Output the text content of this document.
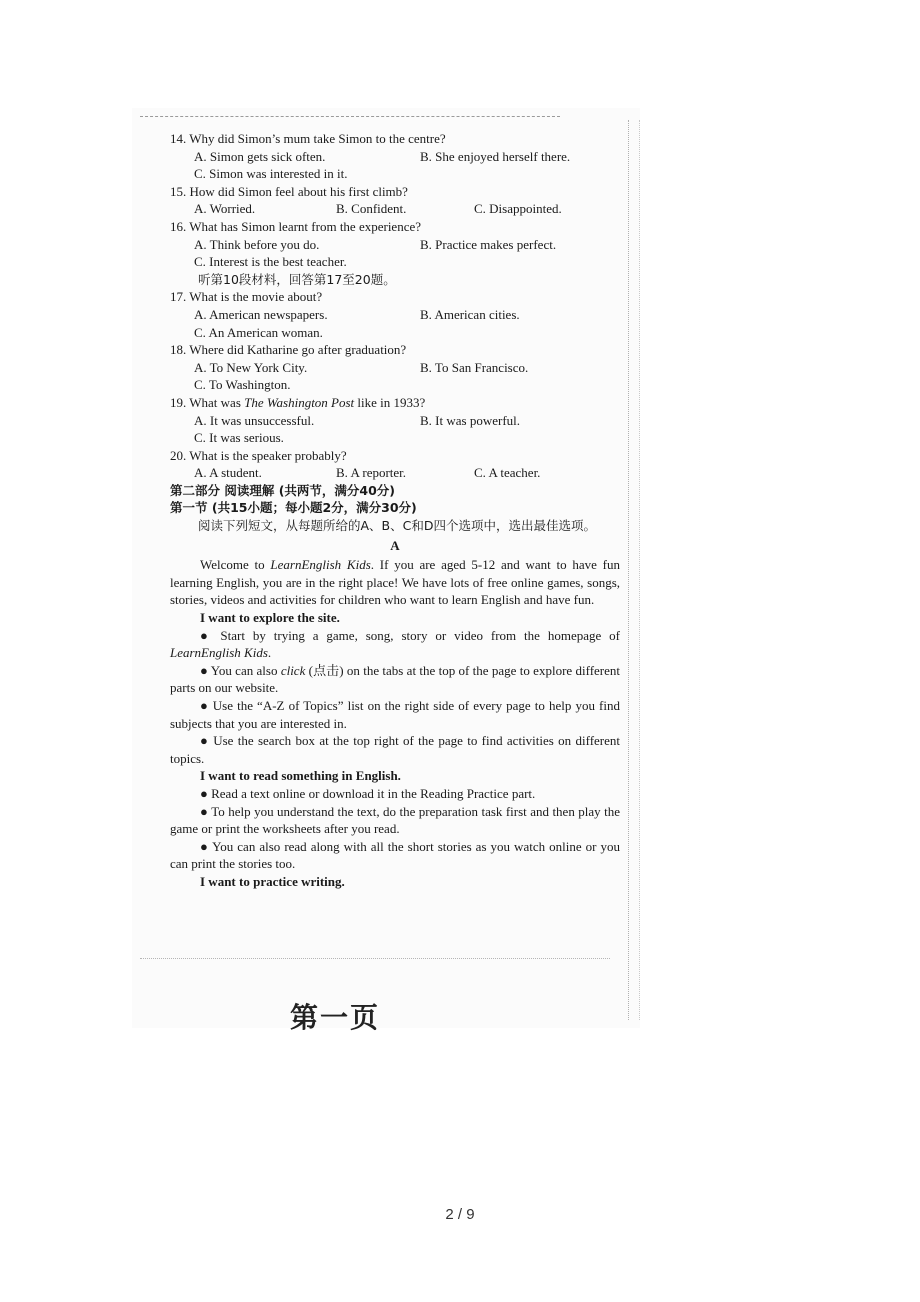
14. Why did Simon’s mum take Simon to the centre?

A. Simon gets sick often.	B. She enjoyed herself there.
C. Simon was interested in it.

15. How did Simon feel about his first climb?

A. Worried.	B. Confident.	C. Disappointed.

16. What has Simon learnt from the experience?

A. Think before you do.	B. Practice makes perfect.
C. Interest is the best teacher.
听第10段材料，回答第17至20题。

17. What is the movie about?

A. American newspapers.	B. American cities.
C. An American woman.

18. Where did Katharine go after graduation?

A. To New York City.	B. To San Francisco.
C. To Washington.

19. What was The Washington Post like in 1933?

A. It was unsuccessful.	B. It was powerful.
C. It was serious.

20. What is the speaker probably?

A. A student.	B. A reporter.	C. A teacher.
第二部分 阅读理解 (共两节，满分40分)
第一节 (共15小题；每小题2分，满分30分)
阅读下列短文，从每题所给的A、B、C和D四个选项中，选出最佳选项。
A

Welcome to LearnEnglish Kids. If you are aged 5-12 and want to have fun learning English, you are in the right place! We have lots of free online games, songs, stories, videos and activities for children who want to learn English and have fun.

I want to explore the site.

● Start by trying a game, song, story or video from the homepage of LearnEnglish Kids.

● You can also click (点击) on the tabs at the top of the page to explore different parts on our website.

● Use the “A-Z of Topics” list on the right side of every page to help you find subjects that you are interested in.

● Use the search box at the top right of the page to find activities on different topics.

I want to read something in English.

● Read a text online or download it in the Reading Practice part.

● To help you understand the text, do the preparation task first and then play the game or print the worksheets after you read.

● You can also read along with all the short stories as you watch online or you can print the stories too.

I want to practice writing.
第一页
2 / 9
